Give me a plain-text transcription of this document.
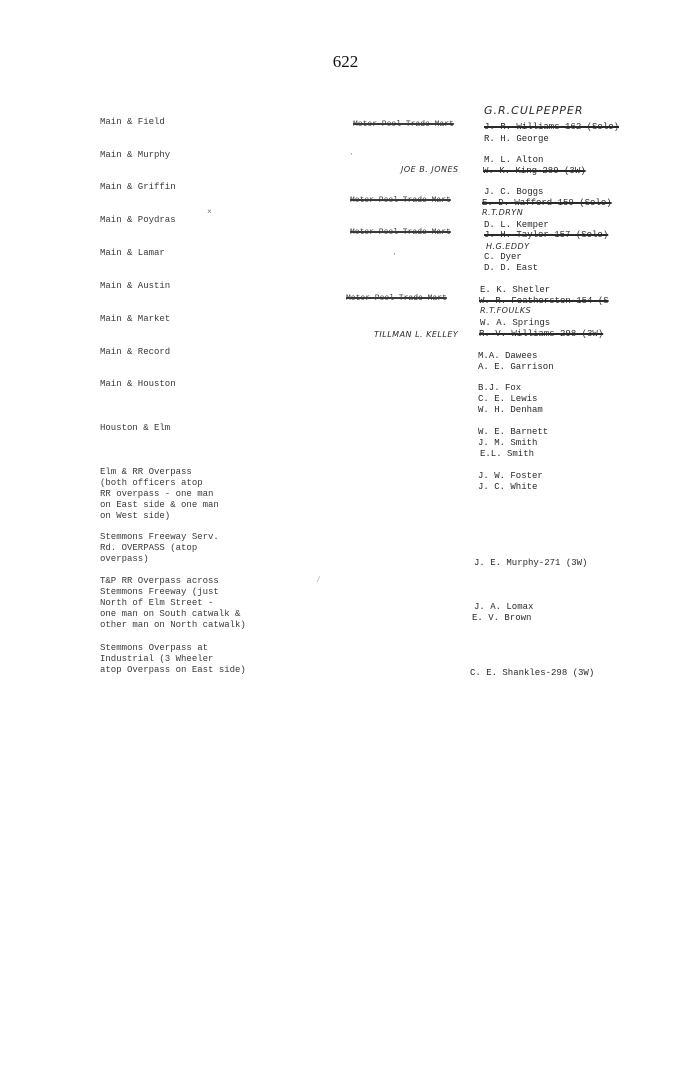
622
Main & Field
Main & Murphy
Main & Griffin
Main & Poydras
Main & Lamar
Main & Austin
Main & Market
Main & Record
Main & Houston
Houston & Elm
Elm & RR Overpass
(both officers atop
RR overpass - one man
on East side & one man
on West side)
Stemmons Freeway Serv.
Rd. OVERPASS (atop
overpass)
T&P RR Overpass across
Stemmons Freeway (just
North of Elm Street -
one man on South catwalk &
other man on North catwalk)
Stemmons Overpass at
Industrial (3 Wheeler
atop Overpass on East side)
Motor Pool-Trade Mart
Motor Pool-Trade Mart
Motor Pool-Trade Mart
Motor Pool-Trade Mart
G.R.CULPEPPER
JOE B. JONES
R.T.DRYN
H.G.EDDY
R.T.FOULKS
TILLMAN L. KELLEY
J. R. Williams-162 (Solo)
R. H. George
M. L. Alton
W. K. King-289 (3W)
J. C. Boggs
E. D. Wafford-159 (Solo)
D. L. Kemper
J. H. Taylor-157 (Solo)
C. Dyer
D. D. East
E. K. Shetler
W. R. Featherston-154 (S
W. A. Springs
R. V. Williams-298 (3W)
M.A. Dawees
A. E. Garrison
B.J. Fox
C. E. Lewis
W. H. Denham
W. E. Barnett
J. M. Smith
E.L. Smith
J. W. Foster
J. C. White
J. E. Murphy-271 (3W)
J. A. Lomax
E. V. Brown
C. E. Shankles-298 (3W)
×
⁄
·
·
